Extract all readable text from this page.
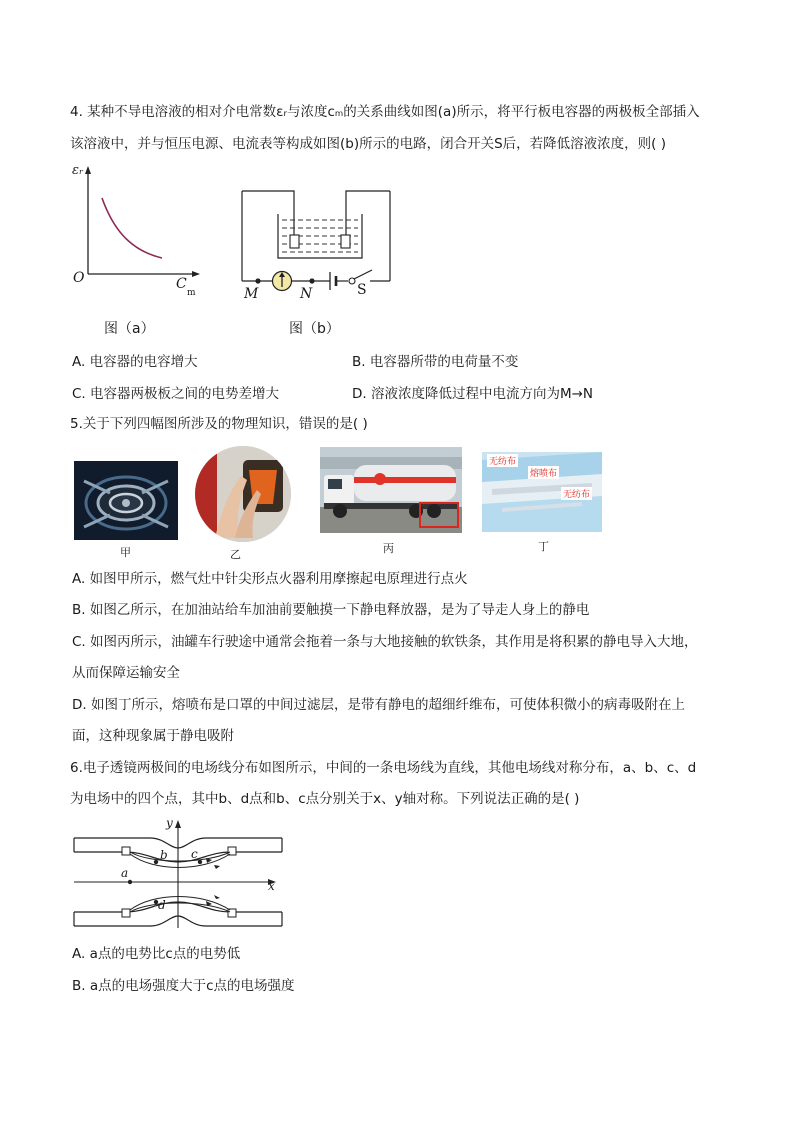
4. 某种不导电溶液的相对介电常数εᵣ与浓度cₘ的关系曲线如图(a)所示，将平行板电容器的两极板全部插入
该溶液中，并与恒压电源、电流表等构成如图(b)所示的电路，闭合开关S后，若降低溶液浓度，则( )
εᵣ
O	C
m
图（a）
M	N	S
图（b）
A. 电容器的电容增大	B. 电容器所带的电荷量不变
C. 电容器两极板之间的电势差增大	D. 溶液浓度降低过程中电流方向为M→N
5.关于下列四幅图所涉及的物理知识，错误的是( )
甲	乙	丙
无纺布
熔喷布
无纺布
丁
A. 如图甲所示，燃气灶中针尖形点火器利用摩擦起电原理进行点火
B. 如图乙所示，在加油站给车加油前要触摸一下静电释放器，是为了导走人身上的静电
C. 如图丙所示，油罐车行驶途中通常会拖着一条与大地接触的软铁条，其作用是将积累的静电导入大地，
从而保障运输安全
D. 如图丁所示，熔喷布是口罩的中间过滤层，是带有静电的超细纤维布，可使体积微小的病毒吸附在上
面，这种现象属于静电吸附
6.电子透镜两极间的电场线分布如图所示，中间的一条电场线为直线，其他电场线对称分布，a、b、c、d
为电场中的四个点，其中b、d点和b、c点分别关于x、y轴对称。下列说法正确的是( )
y
x
a
b c
d
A. a点的电势比c点的电势低
B. a点的电场强度大于c点的电场强度
